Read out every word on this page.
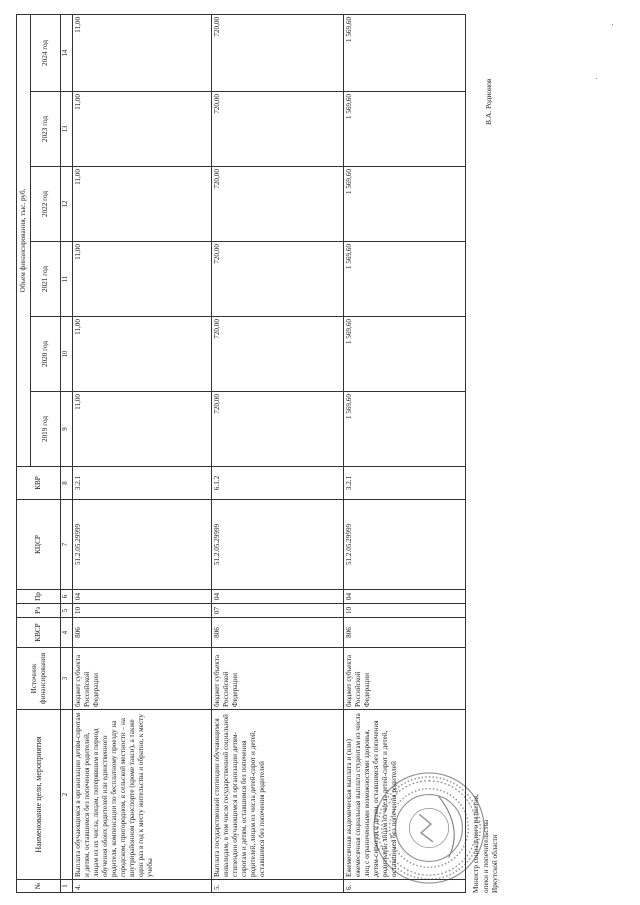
№	Наименование цели, мероприятия	Источник финансирования	КВСР	Рз	Пр	КЦСР	КВР	Объем финансирования, тыс. руб.					
								2019 год	2020 год	2021 год	2022 год	2023 год	2024 год
1	2	3	4	5	6	7	8	9	10	11	12	13	14
4.	Выплата обучающимся в организации детям-сиротам и детям, оставшимся без попечения родителей, лицам из их числа, лицам, потерявшим в период обучения обоих родителей или единственного родителя, компенсации по бесплатному проезду на городском, пригородном, в сельской местности – на внутрирайонном транспорте (кроме такси), а также один раз в год к месту жительства и обратно, к месту учебы	бюджет субъекта Российской Федерации	806	10	04	51.2.05.29999	3.2.1	11,00	11,00	11,00	11,00	11,00	11,00
5.	Выплата государственной стипендии обучающимся инвалидам, в том числе государственной социальной стипендии обучающимся в организации детям-сиротам и детям, оставшимся без попечения родителей, лицам из числа детей-сирот и детей, оставшимся без попечения родителей	бюджет субъекта Российской Федерации	806	07	04	51.2.05.29999	6.1.2	720,00	720,00	720,00	720,00	720,00	720,00
6.	Ежемесячная академическая выплата и (или) ежемесячная социальная выплата студентам из числа лиц с ограниченными возможностями здоровья, детям-сиротам и детям, оставшимся без попечения родителей, лицам из числа детей-сирот и детей, оставшимся без попечения родителей	бюджет субъекта Российской Федерации	806	10	04	51.2.05.29999	3.2.1	1 569,60	1 569,60	1 569,60	1 569,60	1 569,60	1 569,60
Министр социального развития, опеки и попечительства Иркутской области
В.А. Родионов
